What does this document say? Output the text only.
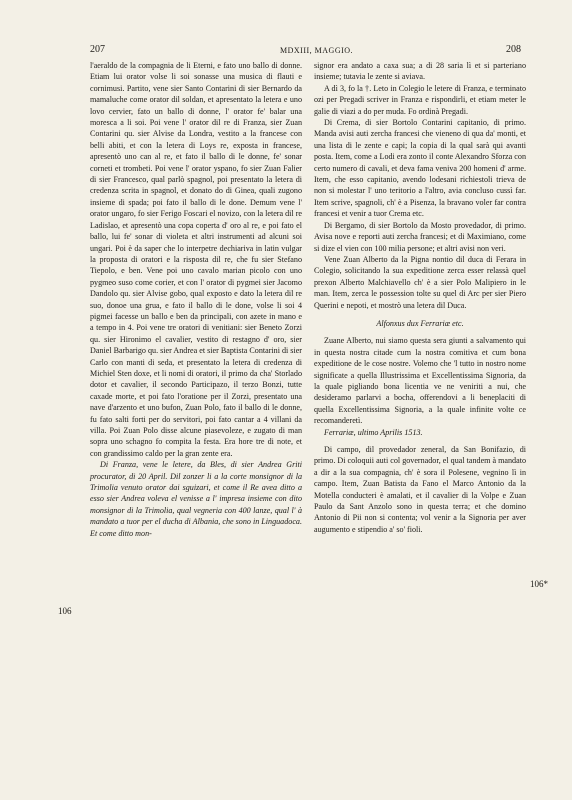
207	MDXIII, MAGGIO.	208
106
106*

l'aeraldo de la compagnia de li Eterni, e fato uno ballo di donne. Etiam lui orator volse li soi sonasse una musica di flauti e cornimusi. Partito, vene sier Santo Contarini di sier Bernardo da mamaluche come orator dil soldan, et apresentato la letera e uno lovo cervier, fato un ballo di donne, l' orator fe' balar una moresca a li soi. Poi vene l' orator dil re di Franza, sier Zuan Contarini qu. sier Alvise da Londra, vestito a la francese con belli abiti, et con la letera di Loys re, exposta in francese, apresentò uno can al re, et fato il ballo di le donne, fe' sonar corneti et trombeti. Poi vene l' orator yspano, fo sier Zuan Falier di sier Francesco, qual parlò spagnol, poi presentato la letera di credenza scrita in spagnol, et donato do di Ginea, quali zugono insieme di spada; poi fato il ballo di le done. Demum vene l' orator ungaro, fo sier Ferigo Foscari el novizo, con la letera dil re Ladislao, et apresentò una copa coperta d' oro al re, e poi fato el ballo, lui fe' sonar di violeta et altri instrumenti ad alcuni soi ungari. Poi è da saper che lo interpetre dechiariva in latin vulgar la proposta di oratori e la risposta dil re, che fu sier Stefano Tiepolo, e ben. Vene poi uno cavalo marian picolo con uno pygmeo suso come corier, et con l' orator di pygmei sier Jacomo Dandolo qu. sier Alvise gobo, qual exposto e dato la letera dil re suo, donoe una grua, e fato il ballo di le done, volse li soi 4 pigmei facesse un ballo e ben da principali, con azete in mano e a tempo in 4. Poi vene tre oratori di venitiani: sier Beneto Zorzi qu. sier Hironimo el cavalier, vestito di restagno d' oro, sier Daniel Barbarigo qu. sier Andrea et sier Baptista Contarini di sier Carlo con manti di seda, et presentato la letera di credenza di Michiel Sten doxe, et li nomi di oratori, il primo da cha' Storlado dotor et cavalier, il secondo Participazo, il terzo Bonzi, tutte caxade morte, et poi fato l'oratione per il Zorzi, presentato una nave d'arzento et uno bufon, Zuan Polo, fato il ballo di le donne, fu fato salti forti per do servitori, poi fato cantar a 4 villani da villa. Poi Zuan Polo disse alcune piasevoleze, e zugato di man sopra uno schagno fo compita la festa. Era hore tre di note, et con grandissimo caldo per la gran zente era.

Di Franza, vene le letere, da Bles, di sier Andrea Griti procurator, di 20 April. Dil zonzer li a la corte monsignor di la Trimolia venuto orator dai sguizari, et come il Re avea ditto a esso sier Andrea voleva el venisse a l' impresa insieme con dito monsignor di la Trimolia, qual vegneria con 400 lanze, qual l' à mandato a tuor per el ducha di Albania, che sono in Linguadoca. Et come ditto mon-

signor era andato a caxa sua; a di 28 saria lì et si parteriano insieme; tutavia le zente si aviava.

A dì 3, fo la †. Leto in Colegio le letere di Franza, e terminato ozi per Pregadi scriver in Franza e rispondirli, et etiam meter le galie di viazi a do per muda. Fo ordinà Pregadi.

Di Crema, di sier Bortolo Contarini capitanio, di primo. Manda avisi auti zercha francesi che vieneno di qua da' monti, et una lista di le zente e capi; la copia di la qual sarà qui avanti posta. Item, come a Lodi era zonto il conte Alexandro Sforza con certo numero di cavali, et deva fama veniva 200 homeni d' arme. Item, che esso capitanio, avendo lodesani richiestoli trieva de non si molestar l' uno teritorio a l'altro, avia concluso cussì far. Item scrive, spagnoli, ch' è a Pisenza, la bravano voler far contra francesi et venir a tuor Crema etc.

Di Bergamo, di sier Bortolo da Mosto provedador, di primo. Avisa nove e reporti auti zercha francesi; et di Maximiano, come si dize el vien con 100 milia persone; et altri avisi non veri.

Vene Zuan Alberto da la Pigna nontio dil duca di Ferara in Colegio, solicitando la sua expeditione zerca esser relassà quel prexon Alberto Malchiavello ch' è a sier Polo Malipiero in le man. Item, zerca le possession tolte su quel di Arc per sier Piero Querini e nepoti, et mostrò una letera dil Duca.

Alfonxus dux Ferrariæ etc.

Zuane Alberto, nui siamo questa sera giunti a salvamento qui in questa nostra citade cum la nostra comitiva et cum bona expeditione de le cose nostre. Volemo che 'l tutto in nostro nome significate a quella Illustrissima et Excellentissima Signoria, da la quale pigliando bona licentia ve ne veniriti a nui, che desideramo parlarvi a bocha, offerendovi a li beneplaciti di quella Excellentissima Signoria, a la quale infinite volte ce recomanderetì.

Ferrariæ, ultimo Aprilis 1513.

Di campo, dil provedador zeneral, da San Bonifazio, di primo. Di coloquii auti col governador, el qual tandem à mandato a dir a la sua compagnia, ch' è sora il Polesene, vegnino lì in campo. Item, Zuan Batista da Fano el Marco Antonio da la Motella conducteri è amalati, et il cavalier di la Volpe e Zuan Paulo da Sant Anzolo sono in questa terra; et che domino Antonio di Pii non si contenta; vol venir a la Signoria per aver augumento e stipendio a' so' fioli.
